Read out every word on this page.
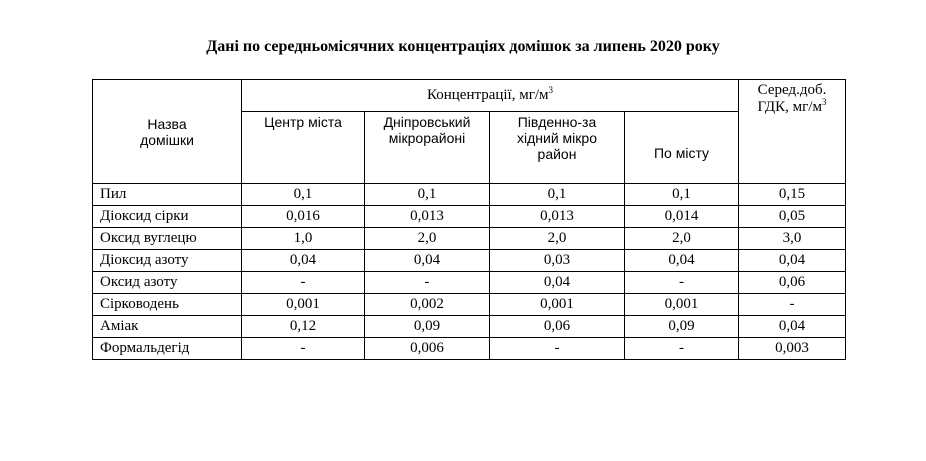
Дані по середньомісячних концентраціях домішок за липень 2020 року
Назва домішки	Концентрації, $мг/м^3$				Серед.доб.
ГДК, $мг/м^3$

	Центр міста	Дніпровський мікрорайоні	Південно-західний мікрорайон	По місту	
Пил	0,1	0,1	0,1	0,1	0,15
Діоксид сірки	0,016	0,013	0,013	0,014	0,05
Оксид вуглецю	1,0	2,0	2,0	2,0	3,0
Діоксид азоту	0,04	0,04	0,03	0,04	0,04
Оксид азоту	-	-	0,04	-	0,06
Сірководень	0,001	0,002	0,001	0,001	-
Аміак	0,12	0,09	0,06	0,09	0,04
Формальдегід	-	0,006	-	-	0,003
